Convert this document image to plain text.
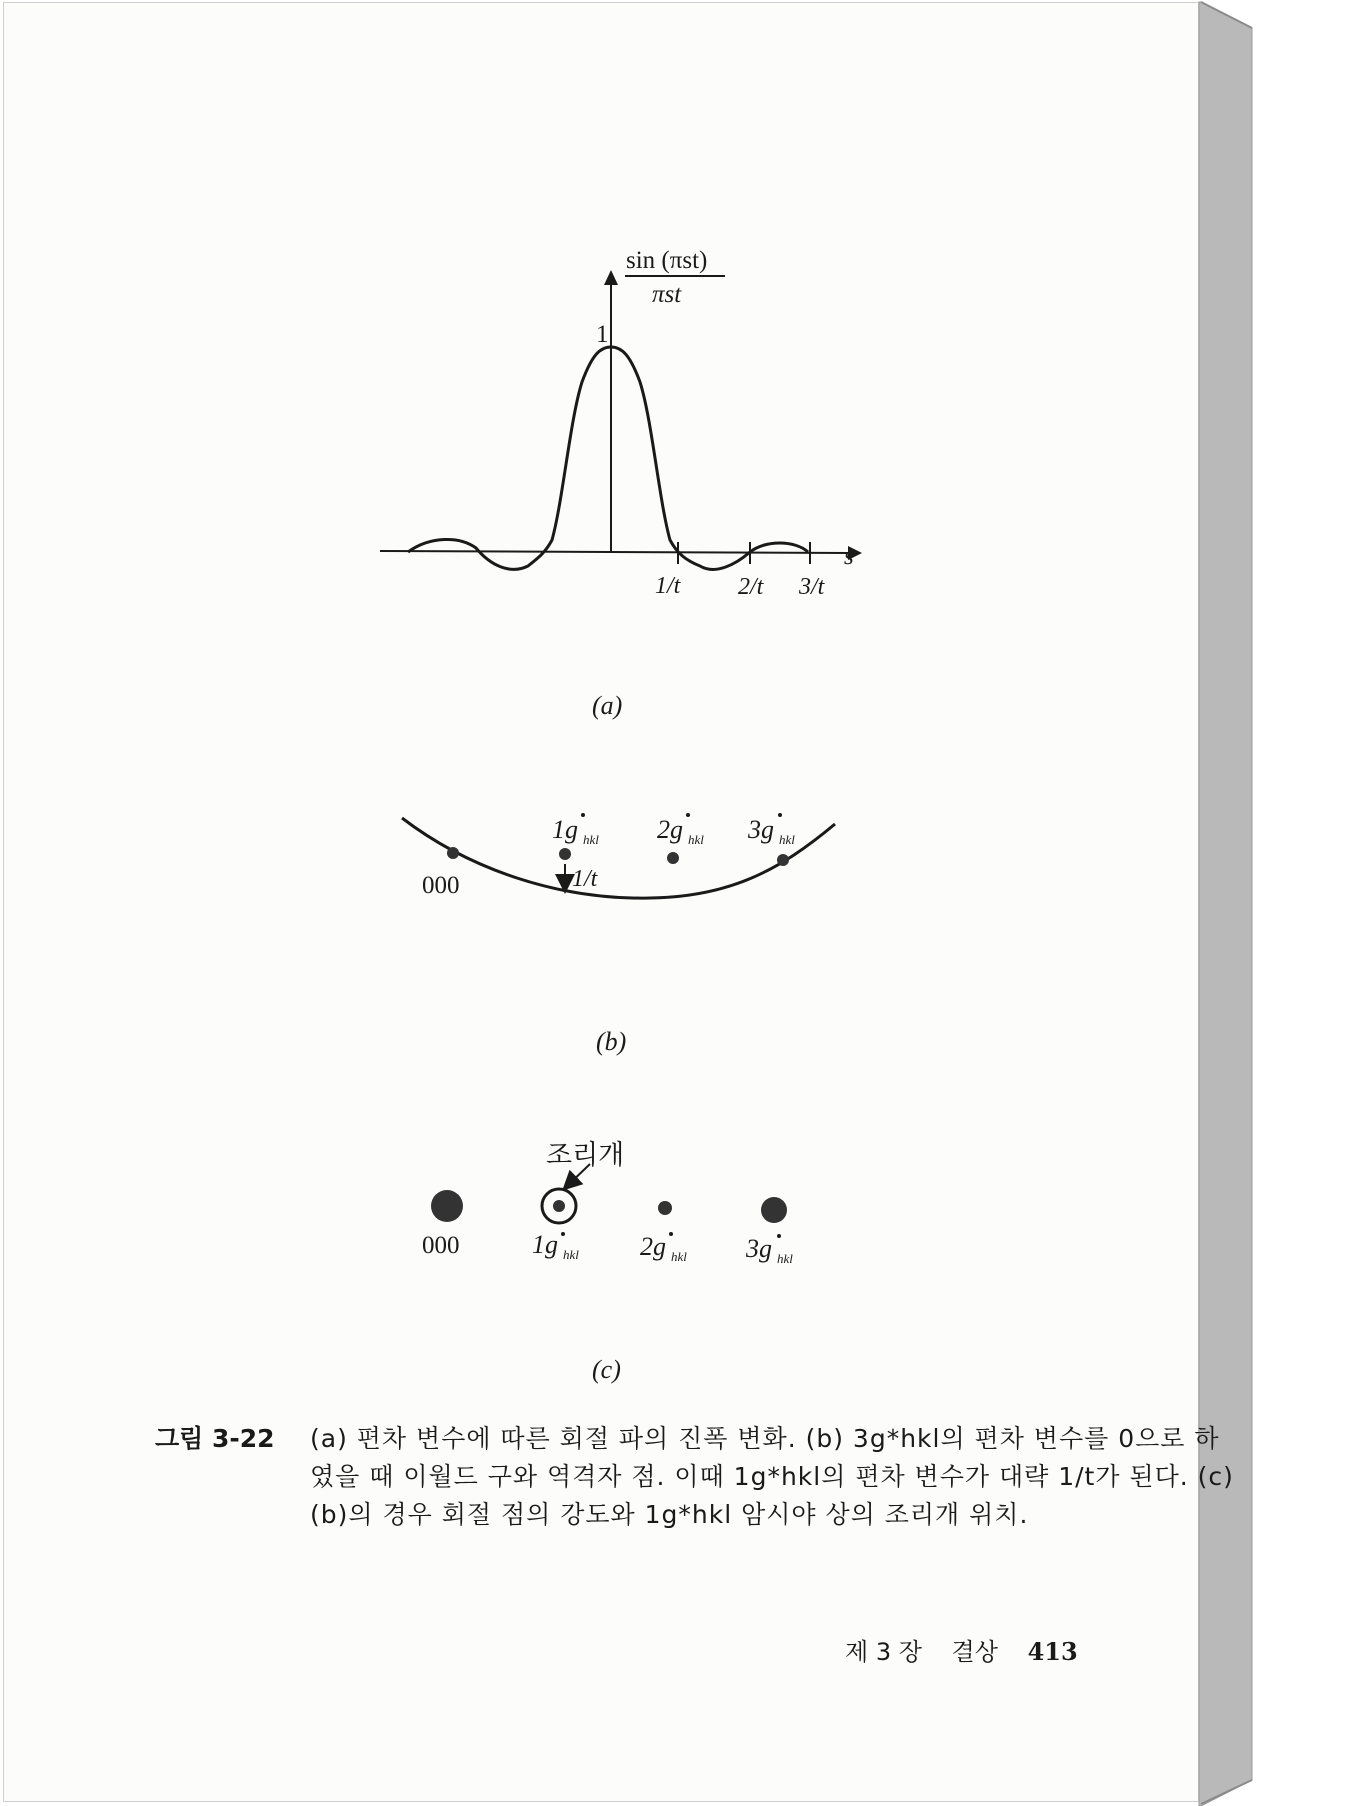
sin (πst)
πst
1
s
1/t 2/t 3/t
(a)
000	1/t
1g $_{hkl}$ 2g $_{hkl}$ 3g $_{hkl}$
(b)
조리개
000	1g $_{hkl}$ 2g $_{hkl}$ 3g $_{hkl}$
(c)
그림 3-22 (a) 편차 변수에 따른 회절 파의 진폭 변화. (b) 3g*hkl의 편차 변수를 0으로 하였을 때 이월드 구와 역격자 점. 이때 1g*hkl의 편차 변수가 대략 1/t가 된다. (c) (b)의 경우 회절 점의 강도와 1g*hkl 암시야 상의 조리개 위치.
제 3 장 결상 413
